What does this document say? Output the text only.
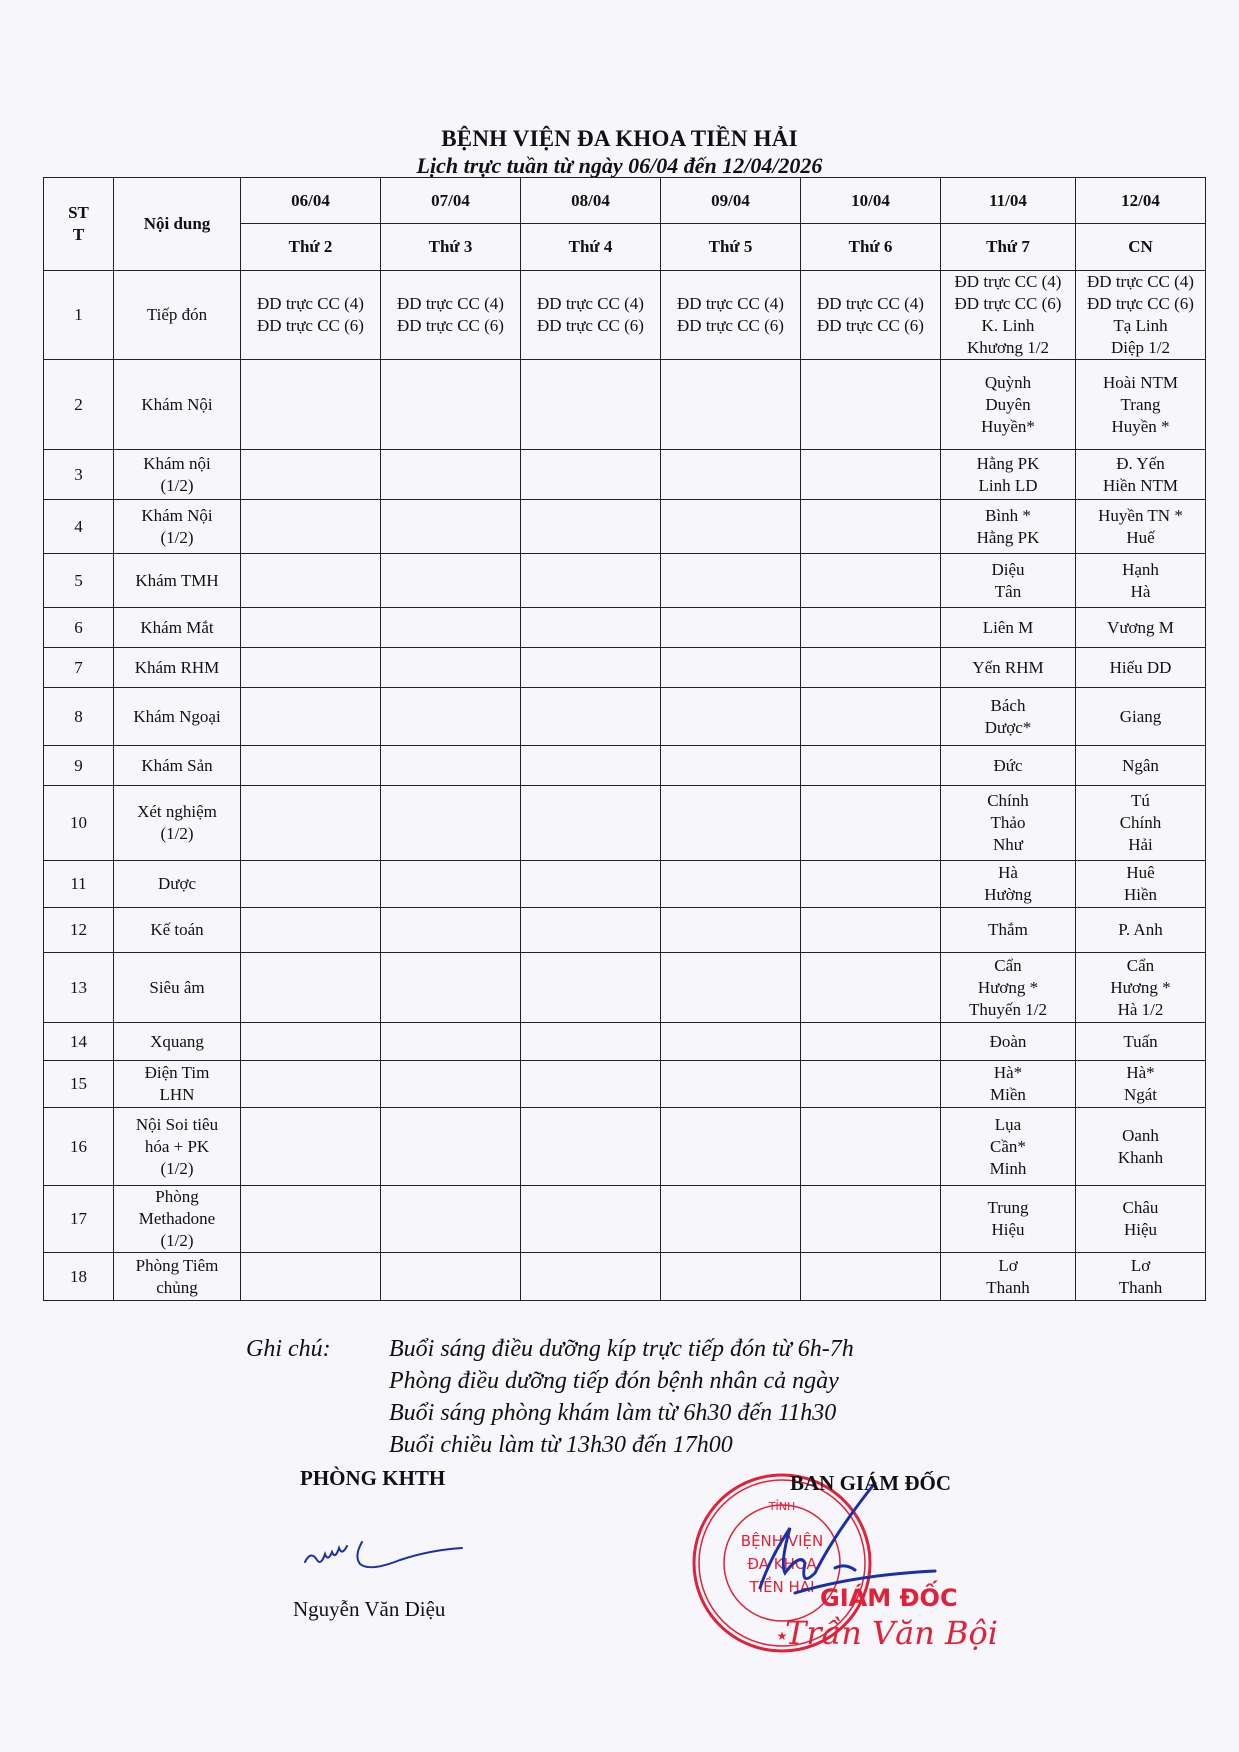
BỆNH VIỆN ĐA KHOA TIỀN HẢI
Lịch trực tuần từ ngày 06/04 đến 12/04/2026
ST
T	Nội dung	06/04	07/04	08/04	09/04	10/04	11/04	12/04
		Thứ 2	Thứ 3	Thứ 4	Thứ 5	Thứ 6	Thứ 7	CN
1	Tiếp đón	ĐD trực CC (4)
ĐD trực CC (6)	ĐD trực CC (4)
ĐD trực CC (6)	ĐD trực CC (4)
ĐD trực CC (6)	ĐD trực CC (4)
ĐD trực CC (6)	ĐD trực CC (4)
ĐD trực CC (6)	ĐD trực CC (4)
ĐD trực CC (6)
K. Linh
Khương 1/2	ĐD trực CC (4)
ĐD trực CC (6)
Tạ Linh
Diệp 1/2

2	Khám Nội						Quỳnh
Duyên
Huyền*	Hoài NTM
Trang
Huyền *

3	Khám nội
(1/2)						Hằng PK
Linh LD	Đ. Yến
Hiền NTM

4	Khám Nội
(1/2)						Bình *
Hằng PK	Huyền TN *
Huế

5	Khám TMH						Diệu
Tân	Hạnh
Hà

6	Khám Mắt						Liên M	Vương M

7	Khám RHM						Yến RHM	Hiếu DD

8	Khám Ngoại						Bách
Dược*	Giang

9	Khám Sản						Đức	Ngân

10	Xét nghiệm
(1/2)						Chính
Thảo
Như	Tú
Chính
Hải

11	Dược						Hà
Hường	Huê
Hiền

12	Kế toán						Thắm	P. Anh

13	Siêu âm						Cẩn
Hương *
Thuyến 1/2	Cẩn
Hương *
Hà 1/2

14	Xquang						Đoàn	Tuấn

15	Điện Tim
LHN						Hà*
Miền	Hà*
Ngát

16	Nội Soi tiêu
hóa + PK
(1/2)						Lụa
Cần*
Minh	Oanh
Khanh

17	Phòng
Methadone
(1/2)						Trung
Hiệu	Châu
Hiệu

18	Phòng Tiêm
chủng						Lơ
Thanh	Lơ
Thanh
Ghi chú: Buổi sáng điều dưỡng kíp trực tiếp đón từ 6h-7h
Phòng điều dưỡng tiếp đón bệnh nhân cả ngày
Buổi sáng phòng khám làm từ 6h30 đến 11h30
Buổi chiều làm từ 13h30 đến 17h00
PHÒNG KHTH
Nguyễn Văn Diệu
BỆNH VIỆN
ĐA KHOA
TIỀN HẢI
TỈNH
★
GIÁM ĐỐC
Trần Văn Bội
BAN GIÁM ĐỐC
